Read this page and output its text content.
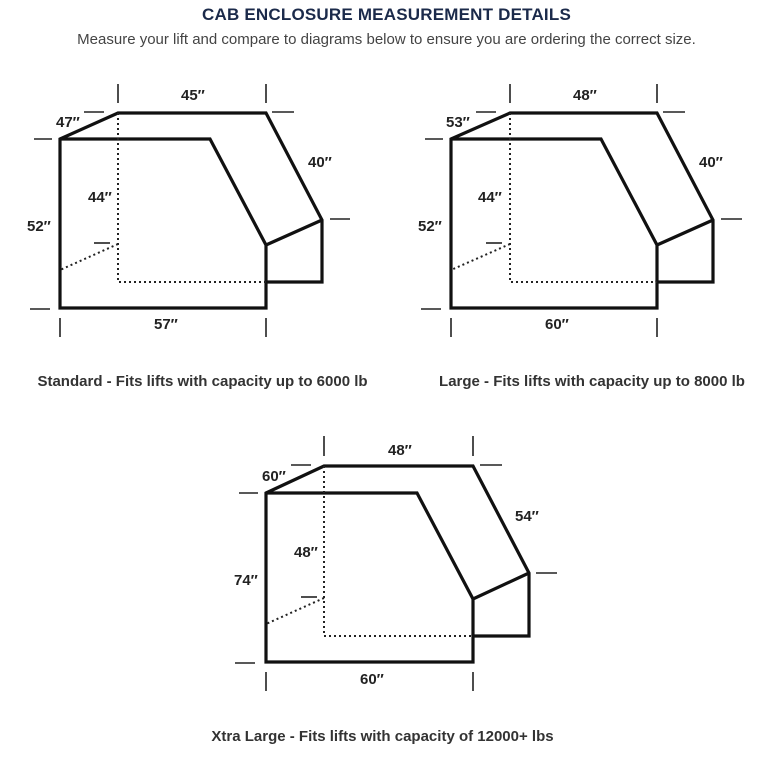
CAB ENCLOSURE MEASUREMENT DETAILS
Measure your lift and compare to diagrams below to ensure you are ordering the correct size.
47″
45″
40″
52″
44″
57″
53″
48″
40″
52″
44″
60″
60″
48″
54″
74″
48″
60″
Standard - Fits lifts with capacity up to 6000 lb	Large - Fits lifts with capacity up to 8000 lb
Xtra Large - Fits lifts with capacity of 12000+ lbs
